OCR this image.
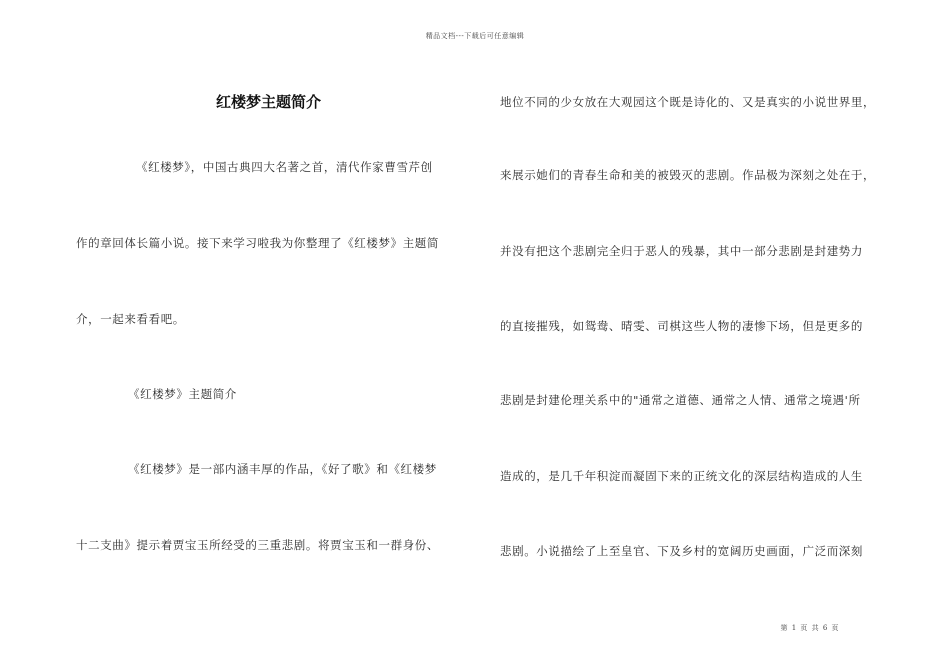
精品文档---下载后可任意编辑
红楼梦主题简介
《红楼梦》，中国古典四大名著之首，清代作家曹雪芹创
作的章回体长篇小说。接下来学习啦我为你整理了《红楼梦》主题简
介，一起来看看吧。
《红楼梦》主题简介
《红楼梦》是一部内涵丰厚的作品，《好了歌》和《红楼梦
十二支曲》提示着贾宝玉所经受的三重悲剧。将贾宝玉和一群身份、
地位不同的少女放在大观园这个既是诗化的、又是真实的小说世界里，
来展示她们的青春生命和美的被毁灭的悲剧。作品极为深刻之处在于，
并没有把这个悲剧完全归于恶人的残暴，其中一部分悲剧是封建势力
的直接摧残，如鸳鸯、晴雯、司棋这些人物的凄惨下场，但是更多的
悲剧是封建伦理关系中的"通常之道德、通常之人情、通常之境遇'所
造成的，是几千年积淀而凝固下来的正统文化的深层结构造成的人生
悲剧。小说描绘了上至皇官、下及乡村的宽阔历史画面，广泛而深刻
第 1 页 共 6 页
